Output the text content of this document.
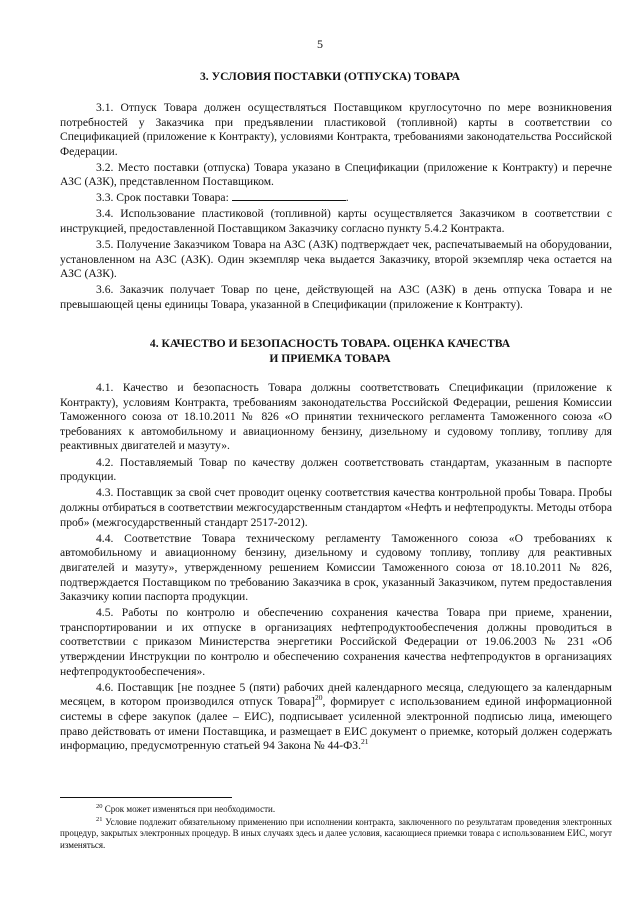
5
3. УСЛОВИЯ ПОСТАВКИ (ОТПУСКА) ТОВАРА

3.1. Отпуск Товара должен осуществляться Поставщиком круглосуточно по мере возникновения потребностей у Заказчика при предъявлении пластиковой (топливной) карты в соответствии со Спецификацией (приложение к Контракту), условиями Контракта, требованиями законодательства Российской Федерации.

3.2. Место поставки (отпуска) Товара указано в Спецификации (приложение к Контракту) и перечне АЗС (АЗК), представленном Поставщиком.

3.3. Срок поставки Товара:	.

3.4. Использование пластиковой (топливной) карты осуществляется Заказчиком в соответствии с инструкцией, предоставленной Поставщиком Заказчику согласно пункту 5.4.2 Контракта.

3.5. Получение Заказчиком Товара на АЗС (АЗК) подтверждает чек, распечатываемый на оборудовании, установленном на АЗС (АЗК). Один экземпляр чека выдается Заказчику, второй экземпляр чека остается на АЗС (АЗК).

3.6. Заказчик получает Товар по цене, действующей на АЗС (АЗК) в день отпуска Товара и не превышающей цены единицы Товара, указанной в Спецификации (приложение к Контракту).

4. КАЧЕСТВО И БЕЗОПАСНОСТЬ ТОВАРА. ОЦЕНКА КАЧЕСТВА
И ПРИЕМКА ТОВАРА

4.1. Качество и безопасность Товара должны соответствовать Спецификации (приложение к Контракту), условиям Контракта, требованиям законодательства Российской Федерации, решения Комиссии Таможенного союза от 18.10.2011 № 826 «О принятии технического регламента Таможенного союза «О требованиях к автомобильному и авиационному бензину, дизельному и судовому топливу, топливу для реактивных двигателей и мазуту».

4.2. Поставляемый Товар по качеству должен соответствовать стандартам, указанным в паспорте продукции.

4.3. Поставщик за свой счет проводит оценку соответствия качества контрольной пробы Товара. Пробы должны отбираться в соответствии межгосударственным стандартом «Нефть и нефтепродукты. Методы отбора проб» (межгосударственный стандарт 2517-2012).

4.4. Соответствие Товара техническому регламенту Таможенного союза «О требованиях к автомобильному и авиационному бензину, дизельному и судовому топливу, топливу для реактивных двигателей и мазуту», утвержденному решением Комиссии Таможенного союза от 18.10.2011 № 826, подтверждается Поставщиком по требованию Заказчика в срок, указанный Заказчиком, путем предоставления Заказчику копии паспорта продукции.

4.5. Работы по контролю и обеспечению сохранения качества Товара при приеме, хранении, транспортировании и их отпуске в организациях нефтепродуктообеспечения должны проводиться в соответствии с приказом Министерства энергетики Российской Федерации от 19.06.2003 № 231 «Об утверждении Инструкции по контролю и обеспечению сохранения качества нефтепродуктов в организациях нефтепродуктообеспечения».

4.6. Поставщик [не позднее 5 (пяти) рабочих дней календарного месяца, следующего за календарным месяцем, в котором производился отпуск Товара]$^{20}$, формирует с использованием единой информационной системы в сфере закупок (далее – ЕИС), подписывает усиленной электронной подписью лица, имеющего право действовать от имени Поставщика, и размещает в ЕИС документ о приемке, который должен содержать информацию, предусмотренную статьей 94 Закона № 44-ФЗ.$^{21}$

$^{20}$ Срок может изменяться при необходимости.

$^{21}$ Условие подлежит обязательному применению при исполнении контракта, заключенного по результатам проведения электронных процедур, закрытых электронных процедур. В иных случаях здесь и далее условия, касающиеся приемки товара с использованием ЕИС, могут изменяться.
